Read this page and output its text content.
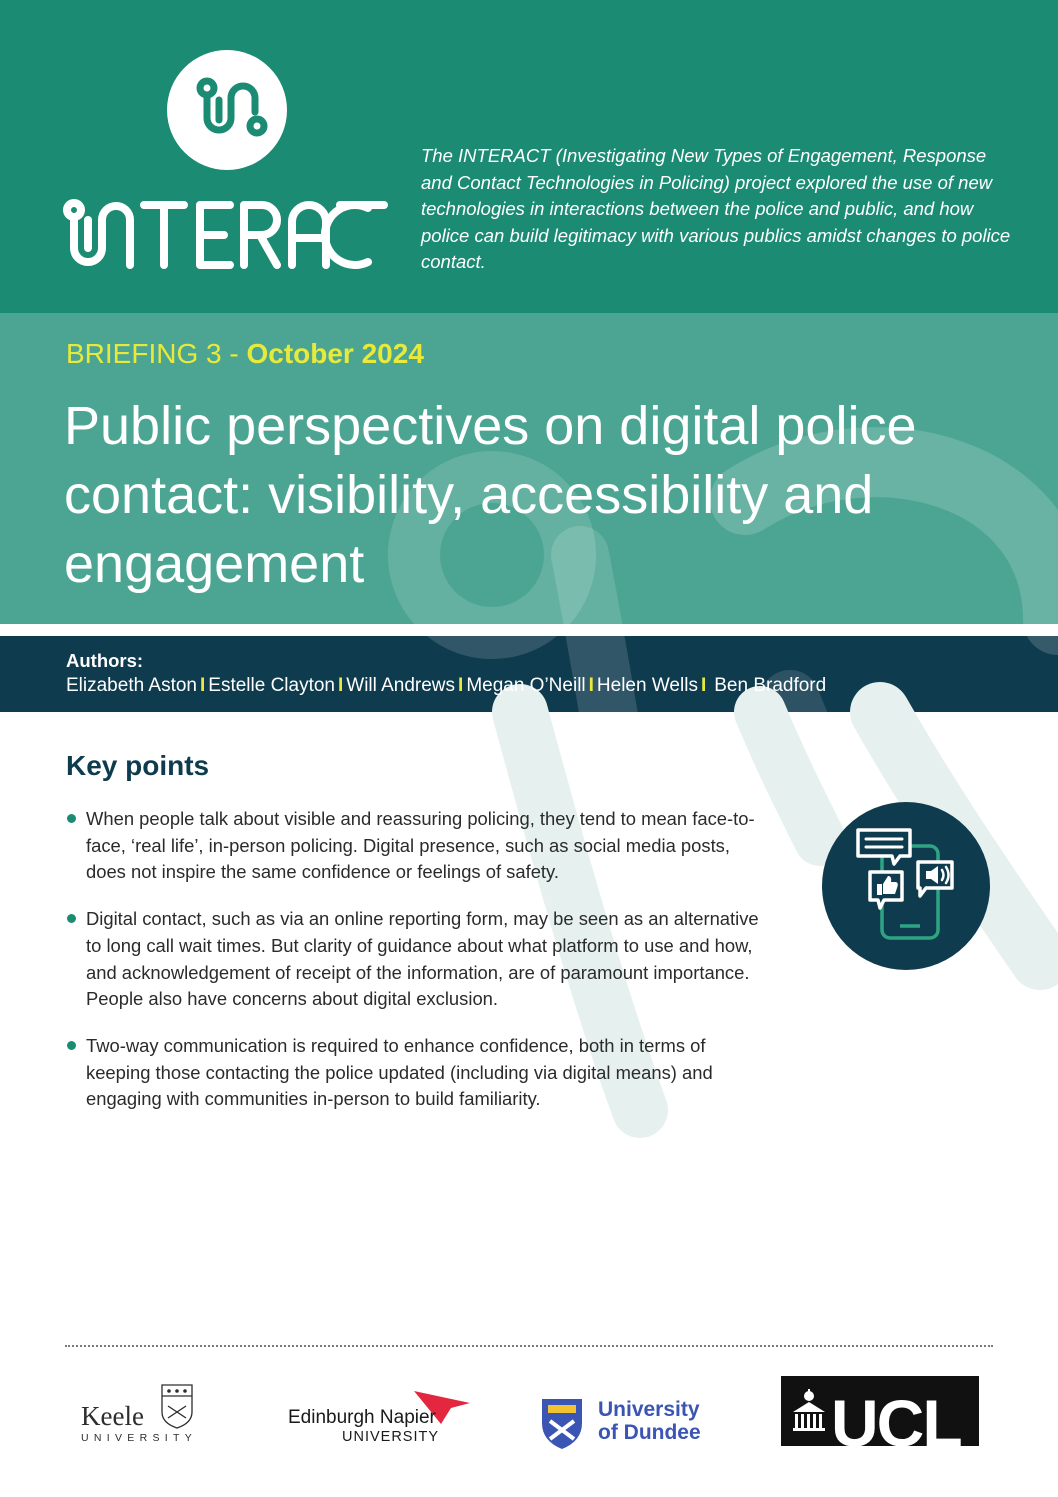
The INTERACT (Investigating New Types of Engagement, Response and Contact Technologies in Policing) project explored the use of new technologies in interactions between the police and public, and how police can build legitimacy with various publics amidst changes to police contact.

BRIEFING 3 - October 2024
Public perspectives on digital police contact: visibility, accessibility and engagement
Authors:
Elizabeth Aston I Estelle Clayton I Will Andrews I Megan O’Neill I Helen Wells I Ben Bradford
Key points
When people talk about visible and reassuring policing, they tend to mean face-to-face, ‘real life’, in-person policing. Digital presence, such as social media posts, does not inspire the same confidence or feelings of safety.
Digital contact, such as via an online reporting form, may be seen as an alternative to long call wait times. But clarity of guidance about what platform to use and how, and acknowledgement of receipt of the information, are of paramount importance. People also have concerns about digital exclusion.
Two-way communication is required to enhance confidence, both in terms of keeping those contacting the police updated (including via digital means) and engaging with communities in-person to build familiarity.
Keele
UNIVERSITY
Edinburgh Napier
UNIVERSITY
University
of Dundee UCL
